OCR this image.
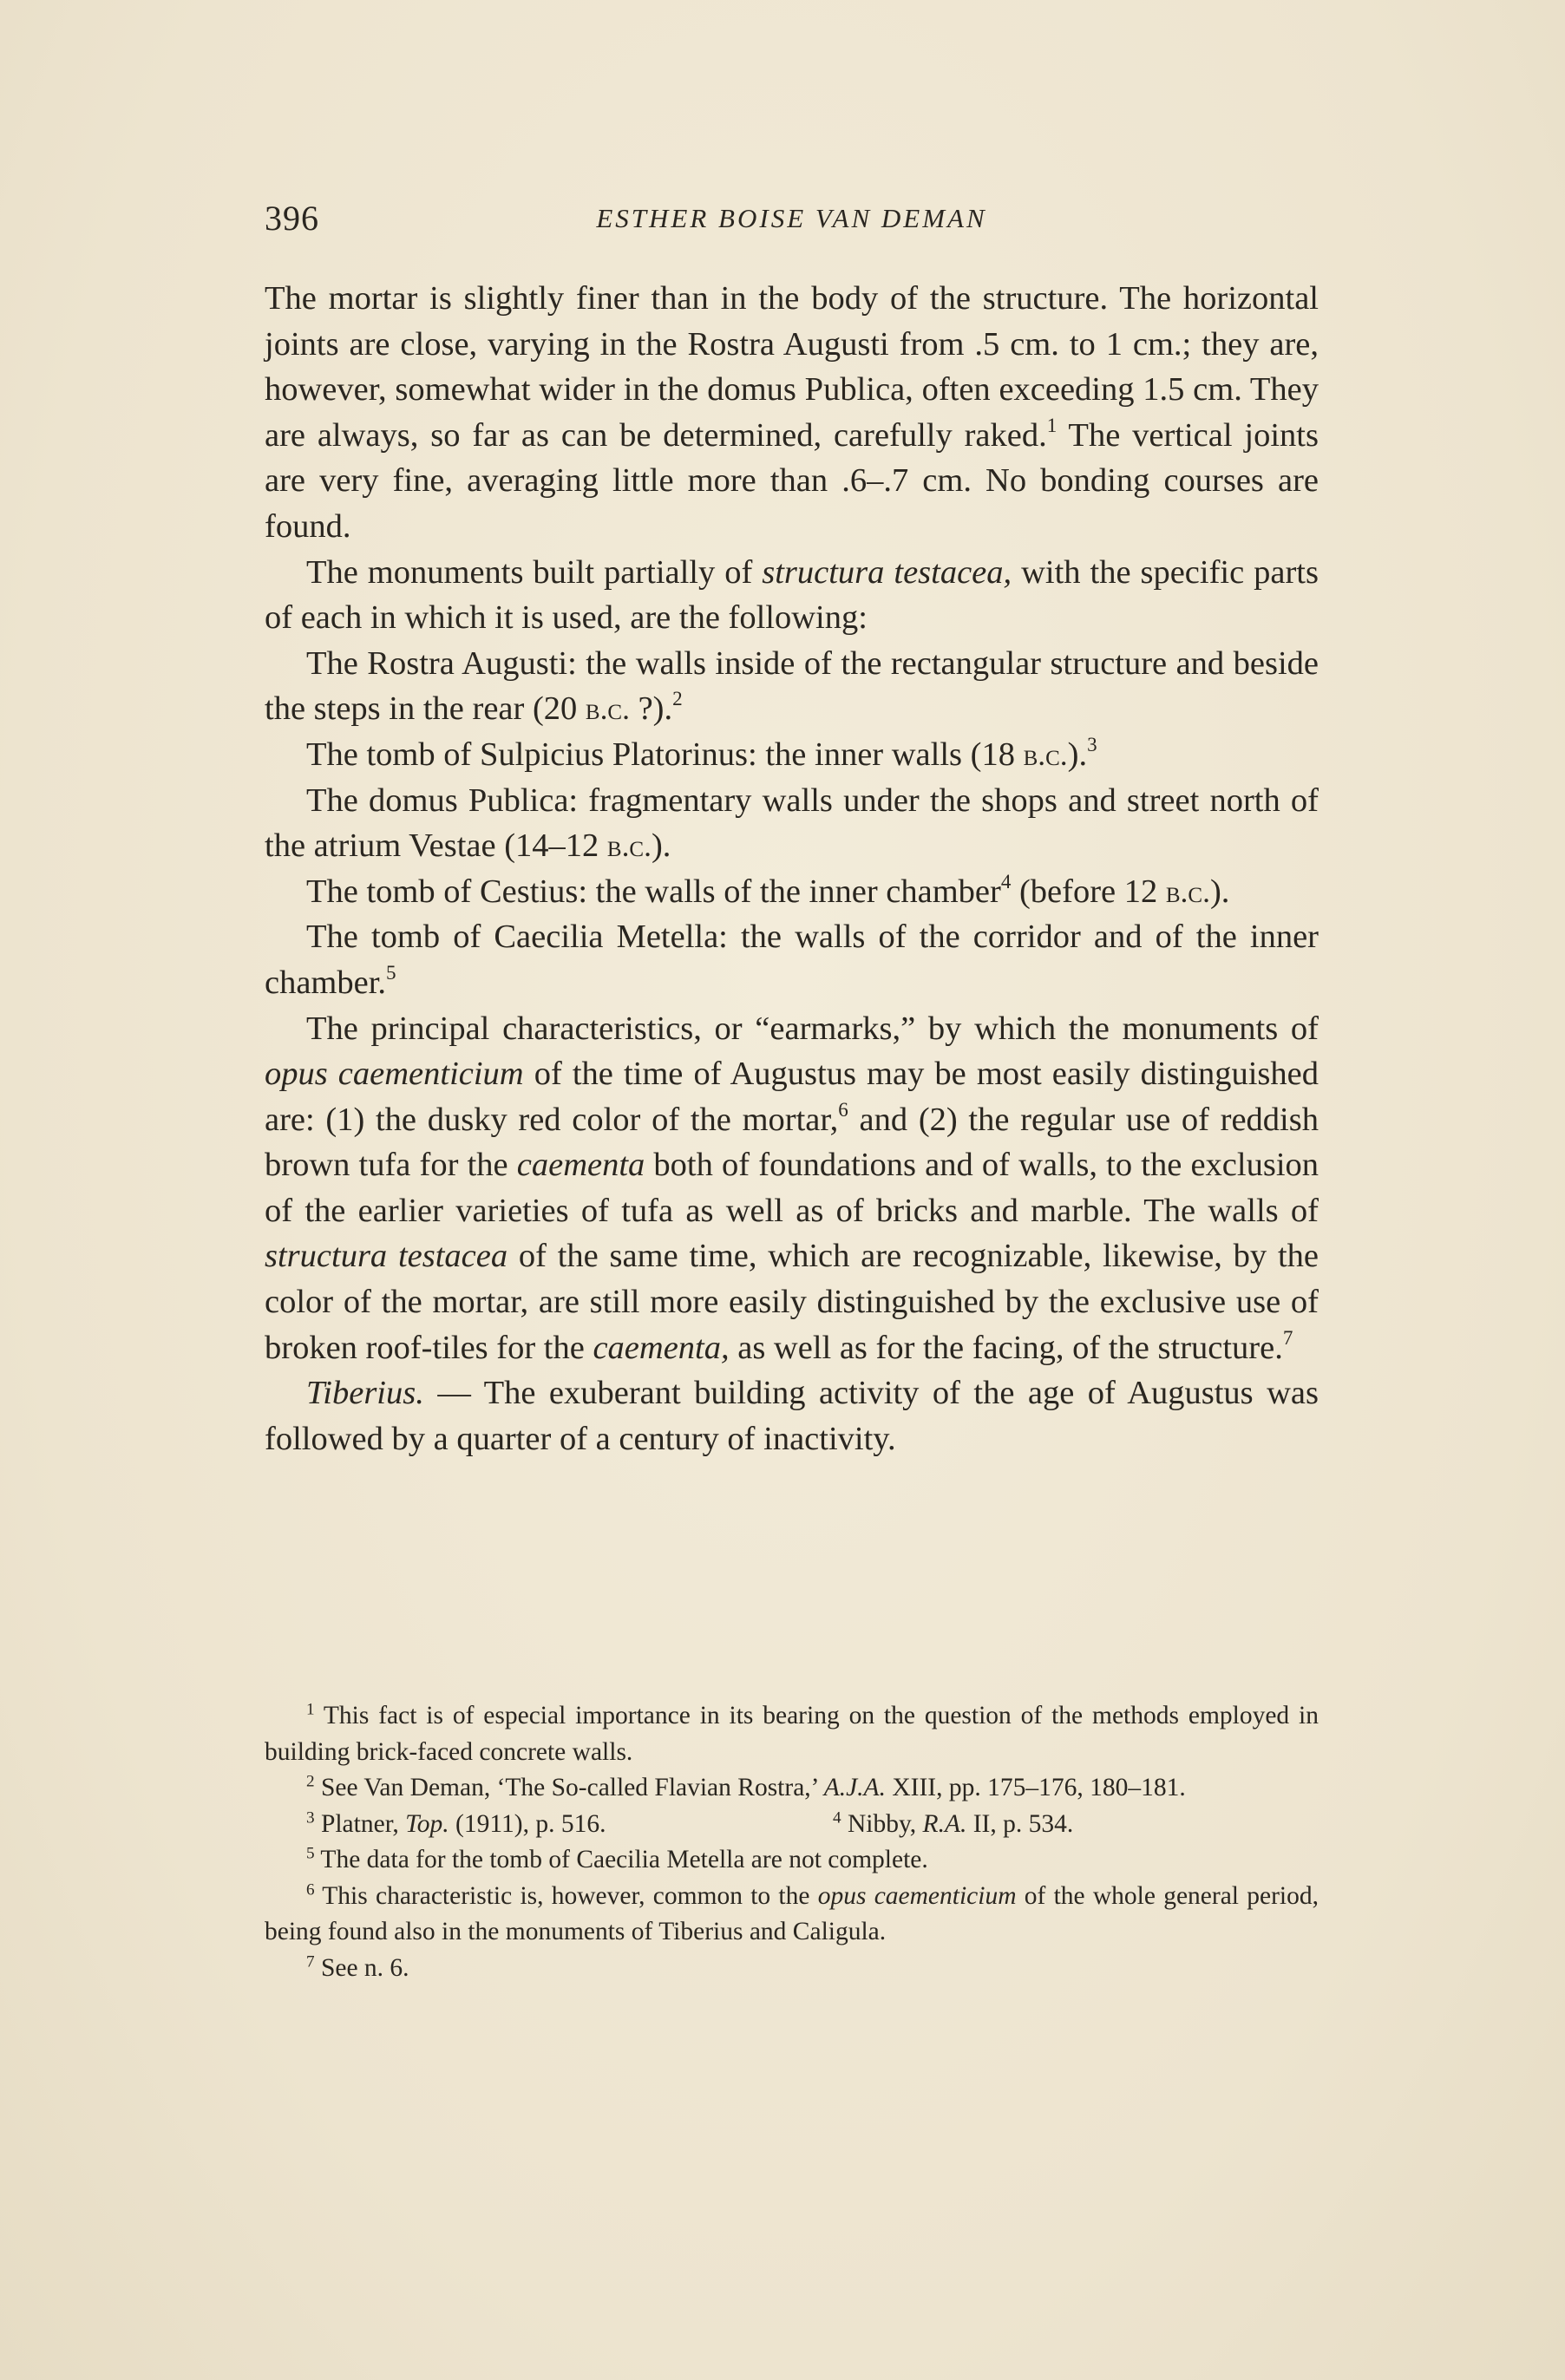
396	ESTHER BOISE VAN DEMAN

The mortar is slightly finer than in the body of the structure. The horizontal joints are close, varying in the Rostra Augusti from .5 cm. to 1 cm.; they are, however, somewhat wider in the domus Publica, often exceeding 1.5 cm. They are always, so far as can be determined, carefully raked.$^1$ The vertical joints are very fine, averaging little more than .6–.7 cm. No bonding courses are found.

The monuments built partially of structura testacea, with the specific parts of each in which it is used, are the following:

The Rostra Augusti: the walls inside of the rectangular structure and beside the steps in the rear (20 b.c. ?).$^2$

The tomb of Sulpicius Platorinus: the inner walls (18 b.c.).$^3$

The domus Publica: fragmentary walls under the shops and street north of the atrium Vestae (14–12 b.c.).

The tomb of Cestius: the walls of the inner chamber$^4$ (before 12 b.c.).

The tomb of Caecilia Metella: the walls of the corridor and of the inner chamber.$^5$

The principal characteristics, or “earmarks,” by which the monuments of opus caementicium of the time of Augustus may be most easily distinguished are: (1) the dusky red color of the mortar,$^6$ and (2) the regular use of reddish brown tufa for the caementa both of foundations and of walls, to the exclusion of the earlier varieties of tufa as well as of bricks and marble. The walls of structura testacea of the same time, which are recognizable, likewise, by the color of the mortar, are still more easily distinguished by the exclusive use of broken roof-tiles for the caementa, as well as for the facing, of the structure.$^7$

Tiberius. — The exuberant building activity of the age of Augustus was followed by a quarter of a century of inactivity.

$^1$ This fact is of especial importance in its bearing on the question of the methods employed in building brick-faced concrete walls.

$^2$ See Van Deman, ‘The So-called Flavian Rostra,’ A.J.A. XIII, pp. 175–176, 180–181.

$^3$ Platner, Top. (1911), p. 516.	$^4$ Nibby, R.A. II, p. 534.

$^5$ The data for the tomb of Caecilia Metella are not complete.

$^6$ This characteristic is, however, common to the opus caementicium of the whole general period, being found also in the monuments of Tiberius and Caligula.

$^7$ See n. 6.
